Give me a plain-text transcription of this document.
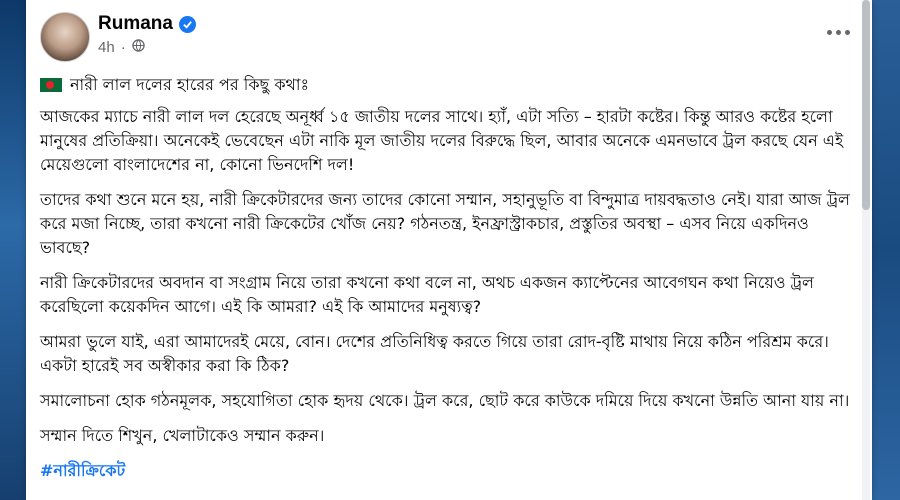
Rumana
4h ·
নারী লাল দলের হারের পর কিছু কথাঃ

আজকের ম্যাচে নারী লাল দল হেরেছে অনূর্ধ্ব ১৫ জাতীয় দলের সাথে। হ্যাঁ, এটা সত্যি – হারটা কষ্টের। কিন্তু আরও কষ্টের হলো মানুষের প্রতিক্রিয়া। অনেকেই ভেবেছেন এটা নাকি মূল জাতীয় দলের বিরুদ্ধে ছিল, আবার অনেকে এমনভাবে ট্রল করছে যেন এই মেয়েগুলো বাংলাদেশের না, কোনো ভিনদেশি দল!

তাদের কথা শুনে মনে হয়, নারী ক্রিকেটারদের জন্য তাদের কোনো সম্মান, সহানুভূতি বা বিন্দুমাত্র দায়বদ্ধতাও নেই। যারা আজ ট্রল করে মজা নিচ্ছে, তারা কখনো নারী ক্রিকেটের খোঁজ নেয়? গঠনতন্ত্র, ইনফ্রাস্ট্রাকচার, প্রস্তুতির অবস্থা – এসব নিয়ে একদিনও ভাবছে?

নারী ক্রিকেটারদের অবদান বা সংগ্রাম নিয়ে তারা কখনো কথা বলে না, অথচ একজন ক্যাপ্টেনের আবেগঘন কথা নিয়েও ট্রল করেছিলো কয়েকদিন আগে। এই কি আমরা? এই কি আমাদের মনুষ্যত্ব?

আমরা ভুলে যাই, এরা আমাদেরই মেয়ে, বোন। দেশের প্রতিনিধিত্ব করতে গিয়ে তারা রোদ-বৃষ্টি মাথায় নিয়ে কঠিন পরিশ্রম করে। একটা হারেই সব অস্বীকার করা কি ঠিক?

সমালোচনা হোক গঠনমূলক, সহযোগিতা হোক হৃদয় থেকে। ট্রল করে, ছোট করে কাউকে দমিয়ে দিয়ে কখনো উন্নতি আনা যায় না।

সম্মান দিতে শিখুন, খেলাটাকেও সম্মান করুন।

#নারীক্রিকেট
